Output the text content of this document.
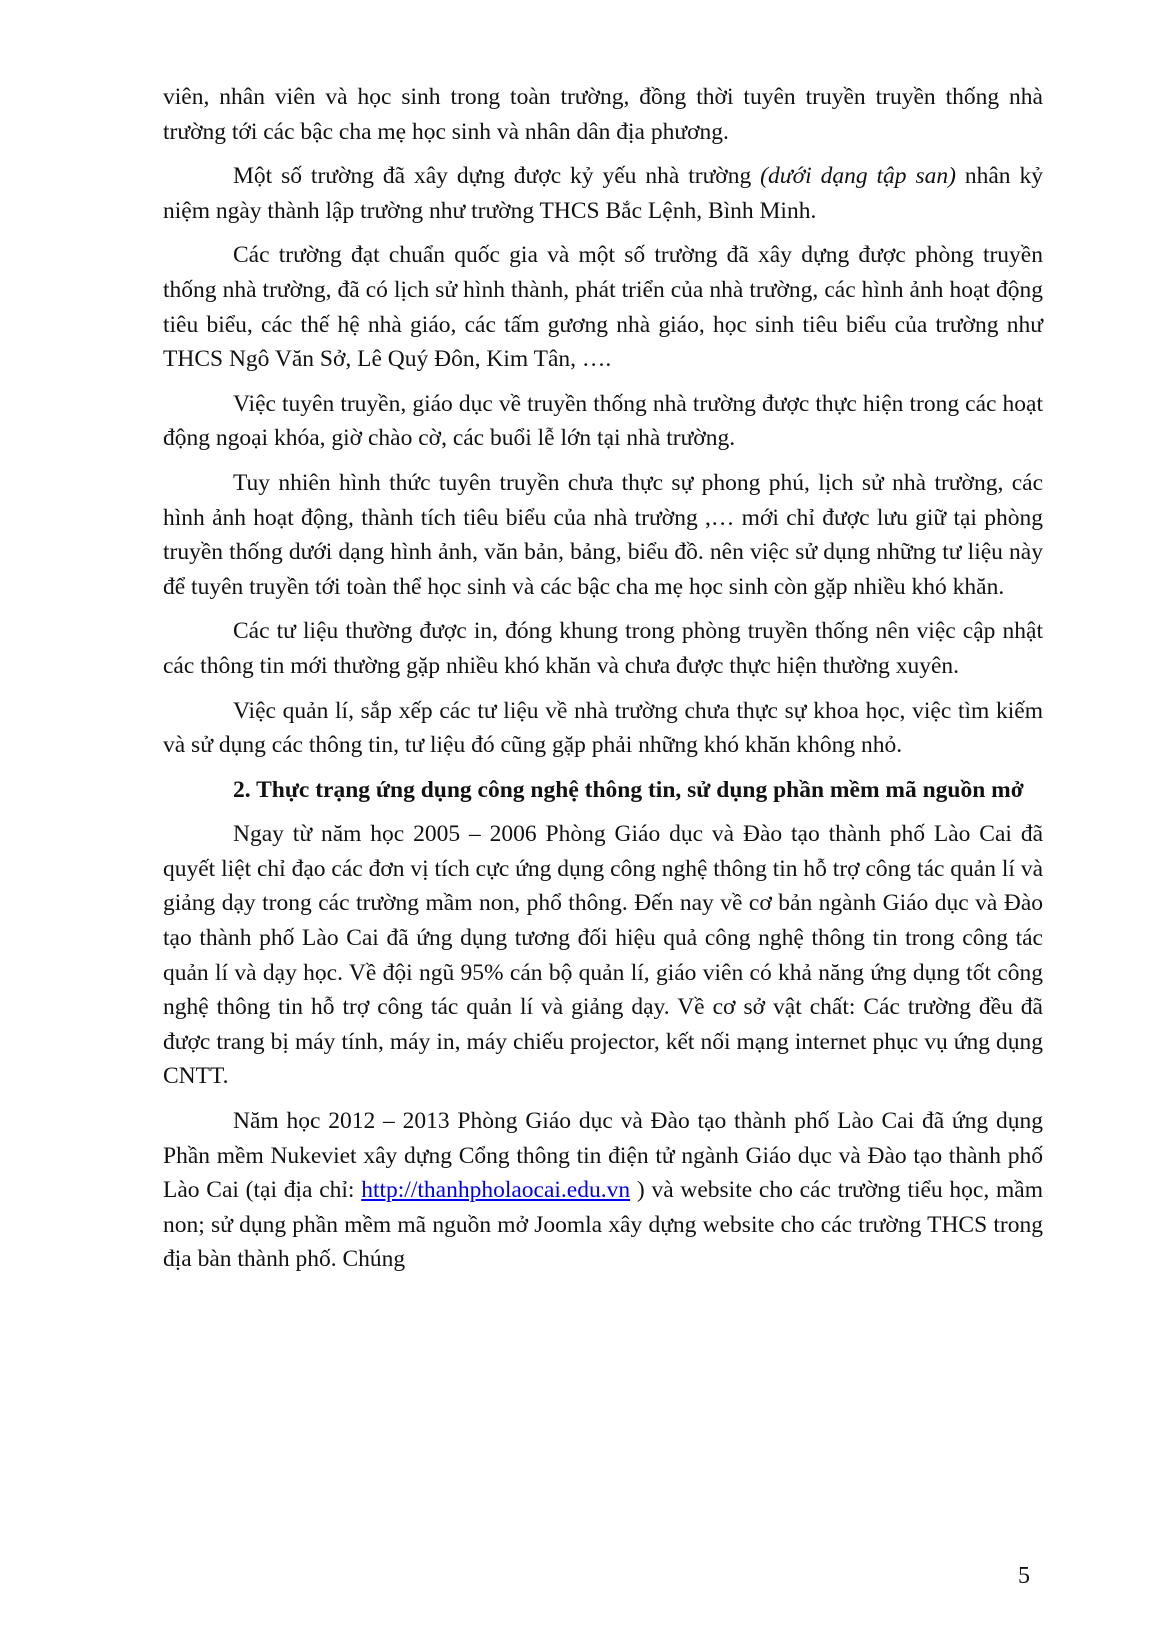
viên, nhân viên và học sinh trong toàn trường, đồng thời tuyên truyền truyền thống nhà trường tới các bậc cha mẹ học sinh và nhân dân địa phương.

Một số trường đã xây dựng được kỷ yếu nhà trường (dưới dạng tập san) nhân kỷ niệm ngày thành lập trường như trường THCS Bắc Lệnh, Bình Minh.

Các trường đạt chuẩn quốc gia và một số trường đã xây dựng được phòng truyền thống nhà trường, đã có lịch sử hình thành, phát triển của nhà trường, các hình ảnh hoạt động tiêu biểu, các thế hệ nhà giáo, các tấm gương nhà giáo, học sinh tiêu biểu của trường như THCS Ngô Văn Sở, Lê Quý Đôn, Kim Tân, ….

Việc tuyên truyền, giáo dục về truyền thống nhà trường được thực hiện trong các hoạt động ngoại khóa, giờ chào cờ, các buổi lễ lớn tại nhà trường.

Tuy nhiên hình thức tuyên truyền chưa thực sự phong phú, lịch sử nhà trường, các hình ảnh hoạt động, thành tích tiêu biểu của nhà trường ,… mới chỉ được lưu giữ tại phòng truyền thống dưới dạng hình ảnh, văn bản, bảng, biểu đồ. nên việc sử dụng những tư liệu này để tuyên truyền tới toàn thể học sinh và các bậc cha mẹ học sinh còn gặp nhiều khó khăn.

Các tư liệu thường được in, đóng khung trong phòng truyền thống nên việc cập nhật các thông tin mới thường gặp nhiều khó khăn và chưa được thực hiện thường xuyên.

Việc quản lí, sắp xếp các tư liệu về nhà trường chưa thực sự khoa học, việc tìm kiếm và sử dụng các thông tin, tư liệu đó cũng gặp phải những khó khăn không nhỏ.

2. Thực trạng ứng dụng công nghệ thông tin, sử dụng phần mềm mã nguồn mở

Ngay từ năm học 2005 – 2006 Phòng Giáo dục và Đào tạo thành phố Lào Cai đã quyết liệt chỉ đạo các đơn vị tích cực ứng dụng công nghệ thông tin hỗ trợ công tác quản lí và giảng dạy trong các trường mầm non, phổ thông. Đến nay về cơ bản ngành Giáo dục và Đào tạo thành phố Lào Cai đã ứng dụng tương đối hiệu quả công nghệ thông tin trong công tác quản lí và dạy học. Về đội ngũ 95% cán bộ quản lí, giáo viên có khả năng ứng dụng tốt công nghệ thông tin hỗ trợ công tác quản lí và giảng dạy. Về cơ sở vật chất: Các trường đều đã được trang bị máy tính, máy in, máy chiếu projector, kết nối mạng internet phục vụ ứng dụng CNTT.

Năm học 2012 – 2013 Phòng Giáo dục và Đào tạo thành phố Lào Cai đã ứng dụng Phần mềm Nukeviet xây dựng Cổng thông tin điện tử ngành Giáo dục và Đào tạo thành phố Lào Cai (tại địa chỉ: http://thanhpholaocai.edu.vn ) và website cho các trường tiểu học, mầm non; sử dụng phần mềm mã nguồn mở Joomla xây dựng website cho các trường THCS trong địa bàn thành phố. Chúng

5
